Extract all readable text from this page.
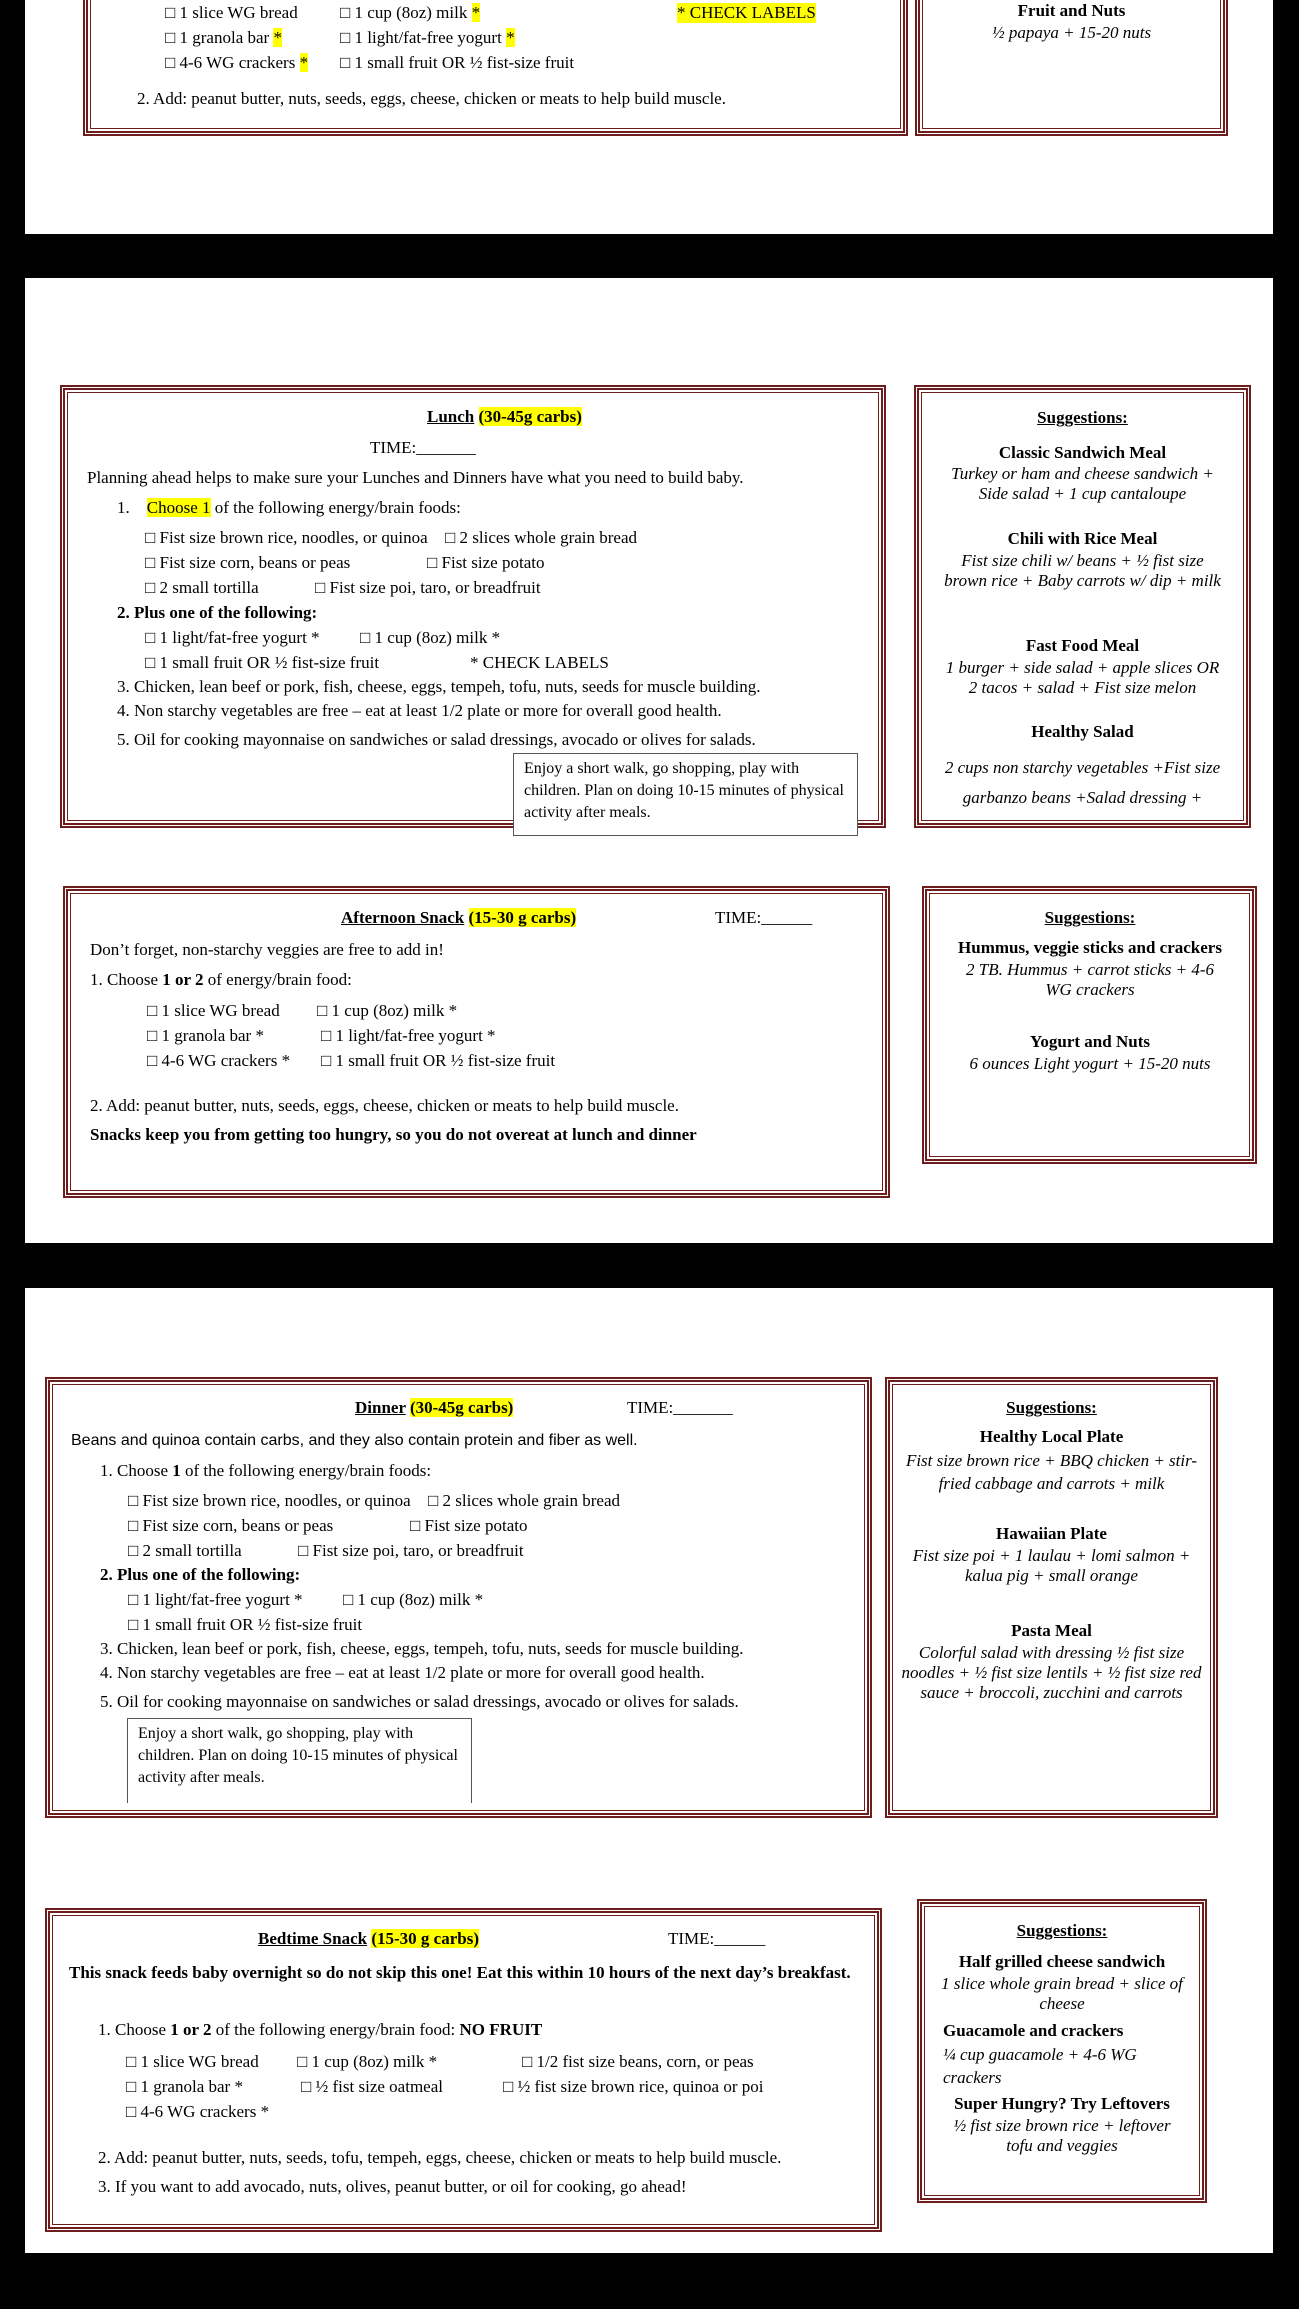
□ 1 slice WG bread □ 1 cup (8oz) milk *	* CHECK LABELS
□ 1 granola bar *	□ 1 light/fat-free yogurt *
□ 4-6 WG crackers * □ 1 small fruit OR ½ fist-size fruit
2. Add: peanut butter, nuts, seeds, eggs, cheese, chicken or meats to help build muscle.
Fruit and Nuts
½ papaya + 15-20 nuts
Lunch (30-45g carbs)
TIME:_______
Planning ahead helps to make sure your Lunches and Dinners have what you need to build baby.
1. Choose 1 of the following energy/brain foods:
□ Fist size brown rice, noodles, or quinoa □ 2 slices whole grain bread
□ Fist size corn, beans or peas	□ Fist size potato
□ 2 small tortilla	□ Fist size poi, taro, or breadfruit
2. Plus one of the following:
□ 1 light/fat-free yogurt * □ 1 cup (8oz) milk *
□ 1 small fruit OR ½ fist-size fruit	* CHECK LABELS
3. Chicken, lean beef or pork, fish, cheese, eggs, tempeh, tofu, nuts, seeds for muscle building.
4. Non starchy vegetables are free – eat at least 1/2 plate or more for overall good health.
5. Oil for cooking mayonnaise on sandwiches or salad dressings, avocado or olives for salads.
Enjoy a short walk, go shopping, play with children. Plan on doing 10-15 minutes of physical activity after meals.
Suggestions:
Classic Sandwich Meal
Turkey or ham and cheese sandwich + Side salad + 1 cup cantaloupe
Chili with Rice Meal
Fist size chili w/ beans + ½ fist size brown rice + Baby carrots w/ dip + milk
Fast Food Meal
1 burger + side salad + apple slices OR 2 tacos + salad + Fist size melon
Healthy Salad
2 cups non starchy vegetables +Fist size garbanzo beans +Salad dressing +
Afternoon Snack (15-30 g carbs)	TIME:______
Don’t forget, non-starchy veggies are free to add in!
1. Choose 1 or 2 of energy/brain food:
□ 1 slice WG bread □ 1 cup (8oz) milk *
□ 1 granola bar *	□ 1 light/fat-free yogurt *
□ 4-6 WG crackers * □ 1 small fruit OR ½ fist-size fruit
2. Add: peanut butter, nuts, seeds, eggs, cheese, chicken or meats to help build muscle.
Snacks keep you from getting too hungry, so you do not overeat at lunch and dinner
Suggestions:
Hummus, veggie sticks and crackers
2 TB. Hummus + carrot sticks + 4-6 WG crackers
Yogurt and Nuts
6 ounces Light yogurt + 15-20 nuts
Dinner (30-45g carbs)	TIME:_______
Beans and quinoa contain carbs, and they also contain protein and fiber as well.
1. Choose 1 of the following energy/brain foods:
□ Fist size brown rice, noodles, or quinoa □ 2 slices whole grain bread
□ Fist size corn, beans or peas	□ Fist size potato
□ 2 small tortilla	□ Fist size poi, taro, or breadfruit
2. Plus one of the following:
□ 1 light/fat-free yogurt * □ 1 cup (8oz) milk *
□ 1 small fruit OR ½ fist-size fruit
3. Chicken, lean beef or pork, fish, cheese, eggs, tempeh, tofu, nuts, seeds for muscle building.
4. Non starchy vegetables are free – eat at least 1/2 plate or more for overall good health.
5. Oil for cooking mayonnaise on sandwiches or salad dressings, avocado or olives for salads.
Enjoy a short walk, go shopping, play with children. Plan on doing 10-15 minutes of physical activity after meals.
Suggestions:
Healthy Local Plate
Fist size brown rice + BBQ chicken + stir-fried cabbage and carrots + milk
Hawaiian Plate
Fist size poi + 1 laulau + lomi salmon + kalua pig + small orange
Pasta Meal
Colorful salad with dressing ½ fist size noodles + ½ fist size lentils + ½ fist size red sauce + broccoli, zucchini and carrots
Bedtime Snack (15-30 g carbs)	TIME:______
This snack feeds baby overnight so do not skip this one! Eat this within 10 hours of the next day’s breakfast.
1. Choose 1 or 2 of the following energy/brain food: NO FRUIT
□ 1 slice WG bread □ 1 cup (8oz) milk *	□ 1/2 fist size beans, corn, or peas
□ 1 granola bar *	□ ½ fist size oatmeal	□ ½ fist size brown rice, quinoa or poi
□ 4-6 WG crackers *
2. Add: peanut butter, nuts, seeds, tofu, tempeh, eggs, cheese, chicken or meats to help build muscle.
3. If you want to add avocado, nuts, olives, peanut butter, or oil for cooking, go ahead!
Suggestions:
Half grilled cheese sandwich
1 slice whole grain bread + slice of cheese
Guacamole and crackers
¼ cup guacamole + 4-6 WG crackers
Super Hungry? Try Leftovers
½ fist size brown rice + leftover tofu and veggies
